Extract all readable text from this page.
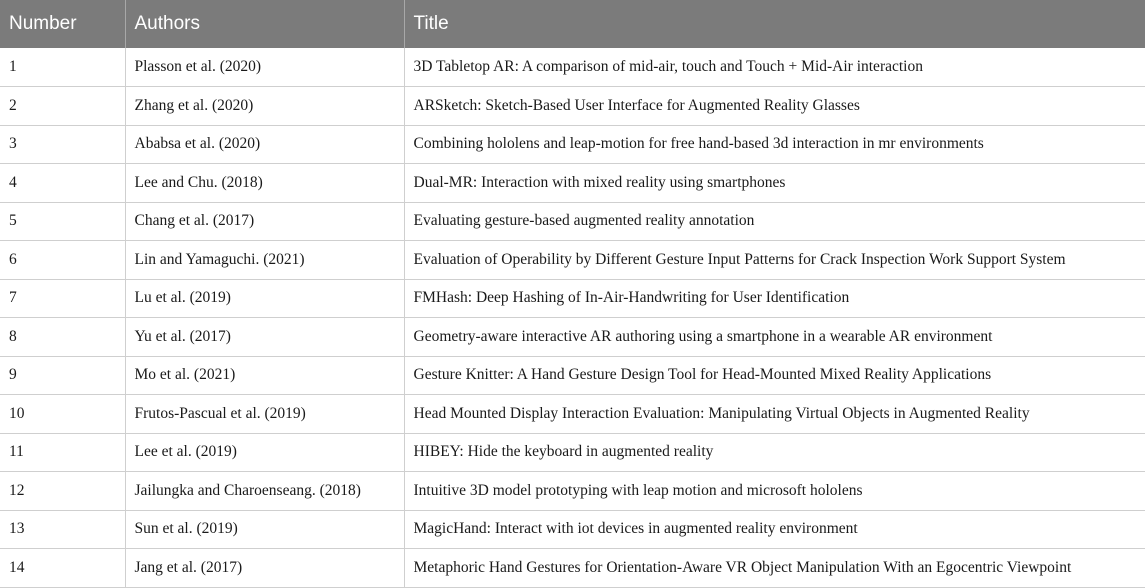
Number	Authors	Title
1	Plasson et al. (2020)	3D Tabletop AR: A comparison of mid-air, touch and Touch + Mid-Air interaction
2	Zhang et al. (2020)	ARSketch: Sketch-Based User Interface for Augmented Reality Glasses
3	Ababsa et al. (2020)	Combining hololens and leap-motion for free hand-based 3d interaction in mr environments
4	Lee and Chu. (2018)	Dual-MR: Interaction with mixed reality using smartphones
5	Chang et al. (2017)	Evaluating gesture-based augmented reality annotation
6	Lin and Yamaguchi. (2021)	Evaluation of Operability by Different Gesture Input Patterns for Crack Inspection Work Support System
7	Lu et al. (2019)	FMHash: Deep Hashing of In-Air-Handwriting for User Identification
8	Yu et al. (2017)	Geometry-aware interactive AR authoring using a smartphone in a wearable AR environment
9	Mo et al. (2021)	Gesture Knitter: A Hand Gesture Design Tool for Head-Mounted Mixed Reality Applications
10	Frutos-Pascual et al. (2019)	Head Mounted Display Interaction Evaluation: Manipulating Virtual Objects in Augmented Reality
11	Lee et al. (2019)	HIBEY: Hide the keyboard in augmented reality
12	Jailungka and Charoenseang. (2018)	Intuitive 3D model prototyping with leap motion and microsoft hololens
13	Sun et al. (2019)	MagicHand: Interact with iot devices in augmented reality environment
14	Jang et al. (2017)	Metaphoric Hand Gestures for Orientation-Aware VR Object Manipulation With an Egocentric Viewpoint
